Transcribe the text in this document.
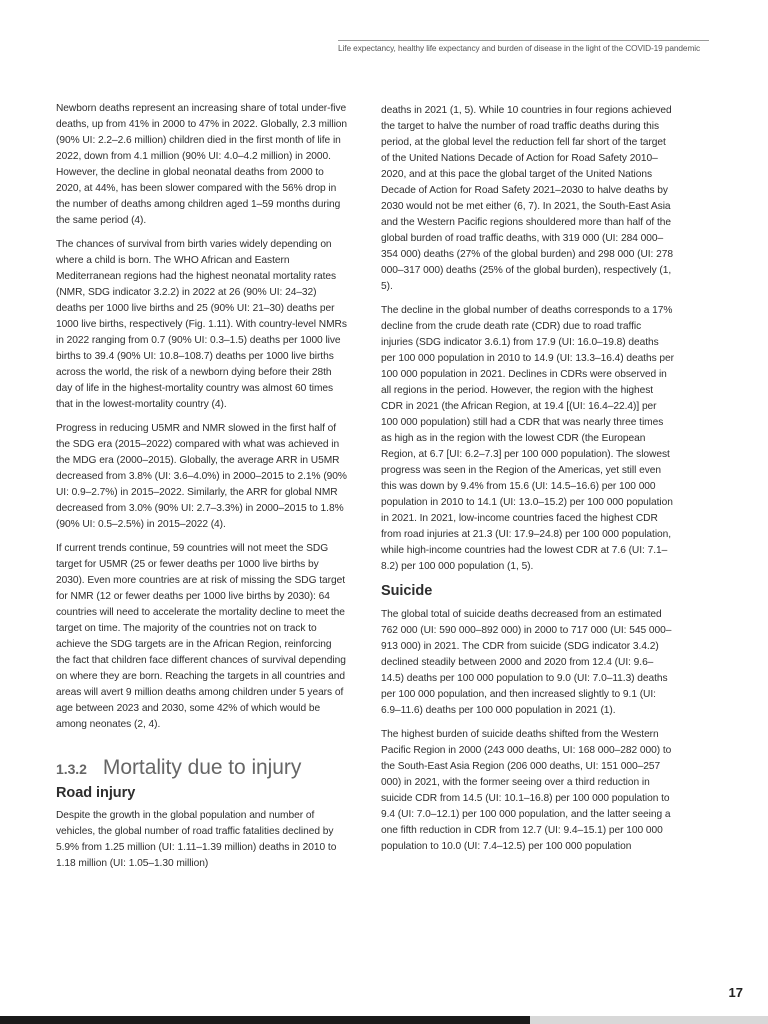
Life expectancy, healthy life expectancy and burden of disease in the light of the COVID-19 pandemic

Newborn deaths represent an increasing share of total under-five deaths, up from 41% in 2000 to 47% in 2022. Globally, 2.3 million (90% UI: 2.2–2.6 million) children died in the first month of life in 2022, down from 4.1 million (90% UI: 4.0–4.2 million) in 2000. However, the decline in global neonatal deaths from 2000 to 2020, at 44%, has been slower compared with the 56% drop in the number of deaths among children aged 1–59 months during the same period (4).

The chances of survival from birth varies widely depending on where a child is born. The WHO African and Eastern Mediterranean regions had the highest neonatal mortality rates (NMR, SDG indicator 3.2.2) in 2022 at 26 (90% UI: 24–32) deaths per 1000 live births and 25 (90% UI: 21–30) deaths per 1000 live births, respectively (Fig. 1.11). With country-level NMRs in 2022 ranging from 0.7 (90% UI: 0.3–1.5) deaths per 1000 live births to 39.4 (90% UI: 10.8–108.7) deaths per 1000 live births across the world, the risk of a newborn dying before their 28th day of life in the highest-mortality country was almost 60 times that in the lowest-mortality country (4).

Progress in reducing U5MR and NMR slowed in the first half of the SDG era (2015–2022) compared with what was achieved in the MDG era (2000–2015). Globally, the average ARR in U5MR decreased from 3.8% (UI: 3.6–4.0%) in 2000–2015 to 2.1% (90% UI: 0.9–2.7%) in 2015–2022. Similarly, the ARR for global NMR decreased from 3.0% (90% UI: 2.7–3.3%) in 2000–2015 to 1.8% (90% UI: 0.5–2.5%) in 2015–2022 (4).

If current trends continue, 59 countries will not meet the SDG target for U5MR (25 or fewer deaths per 1000 live births by 2030). Even more countries are at risk of missing the SDG target for NMR (12 or fewer deaths per 1000 live births by 2030): 64 countries will need to accelerate the mortality decline to meet the target on time. The majority of the countries not on track to achieve the SDG targets are in the African Region, reinforcing the fact that children face different chances of survival depending on where they are born. Reaching the targets in all countries and areas will avert 9 million deaths among children under 5 years of age between 2023 and 2030, some 42% of which would be among neonates (2, 4).

1.3.2 Mortality due to injury
Road injury

Despite the growth in the global population and number of vehicles, the global number of road traffic fatalities declined by 5.9% from 1.25 million (UI: 1.11–1.39 million) deaths in 2010 to 1.18 million (UI: 1.05–1.30 million)

deaths in 2021 (1, 5). While 10 countries in four regions achieved the target to halve the number of road traffic deaths during this period, at the global level the reduction fell far short of the target of the United Nations Decade of Action for Road Safety 2010–2020, and at this pace the global target of the United Nations Decade of Action for Road Safety 2021–2030 to halve deaths by 2030 would not be met either (6, 7). In 2021, the South-East Asia and the Western Pacific regions shouldered more than half of the global burden of road traffic deaths, with 319 000 (UI: 284 000–354 000) deaths (27% of the global burden) and 298 000 (UI: 278 000–317 000) deaths (25% of the global burden), respectively (1, 5).

The decline in the global number of deaths corresponds to a 17% decline from the crude death rate (CDR) due to road traffic injuries (SDG indicator 3.6.1) from 17.9 (UI: 16.0–19.8) deaths per 100 000 population in 2010 to 14.9 (UI: 13.3–16.4) deaths per 100 000 population in 2021. Declines in CDRs were observed in all regions in the period. However, the region with the highest CDR in 2021 (the African Region, at 19.4 [(UI: 16.4–22.4)] per 100 000 population) still had a CDR that was nearly three times as high as in the region with the lowest CDR (the European Region, at 6.7 [UI: 6.2–7.3] per 100 000 population). The slowest progress was seen in the Region of the Americas, yet still even this was down by 9.4% from 15.6 (UI: 14.5–16.6) per 100 000 population in 2010 to 14.1 (UI: 13.0–15.2) per 100 000 population in 2021. In 2021, low-income countries faced the highest CDR from road injuries at 21.3 (UI: 17.9–24.8) per 100 000 population, while high-income countries had the lowest CDR at 7.6 (UI: 7.1–8.2) per 100 000 population (1, 5).

Suicide

The global total of suicide deaths decreased from an estimated 762 000 (UI: 590 000–892 000) in 2000 to 717 000 (UI: 545 000–913 000) in 2021. The CDR from suicide (SDG indicator 3.4.2) declined steadily between 2000 and 2020 from 12.4 (UI: 9.6–14.5) deaths per 100 000 population to 9.0 (UI: 7.0–11.3) deaths per 100 000 population, and then increased slightly to 9.1 (UI: 6.9–11.6) deaths per 100 000 population in 2021 (1).

The highest burden of suicide deaths shifted from the Western Pacific Region in 2000 (243 000 deaths, UI: 168 000–282 000) to the South-East Asia Region (206 000 deaths, UI: 151 000–257 000) in 2021, with the former seeing over a third reduction in suicide CDR from 14.5 (UI: 10.1–16.8) per 100 000 population to 9.4 (UI: 7.0–12.1) per 100 000 population, and the latter seeing a one fifth reduction in CDR from 12.7 (UI: 9.4–15.1) per 100 000 population to 10.0 (UI: 7.4–12.5) per 100 000 population

17
